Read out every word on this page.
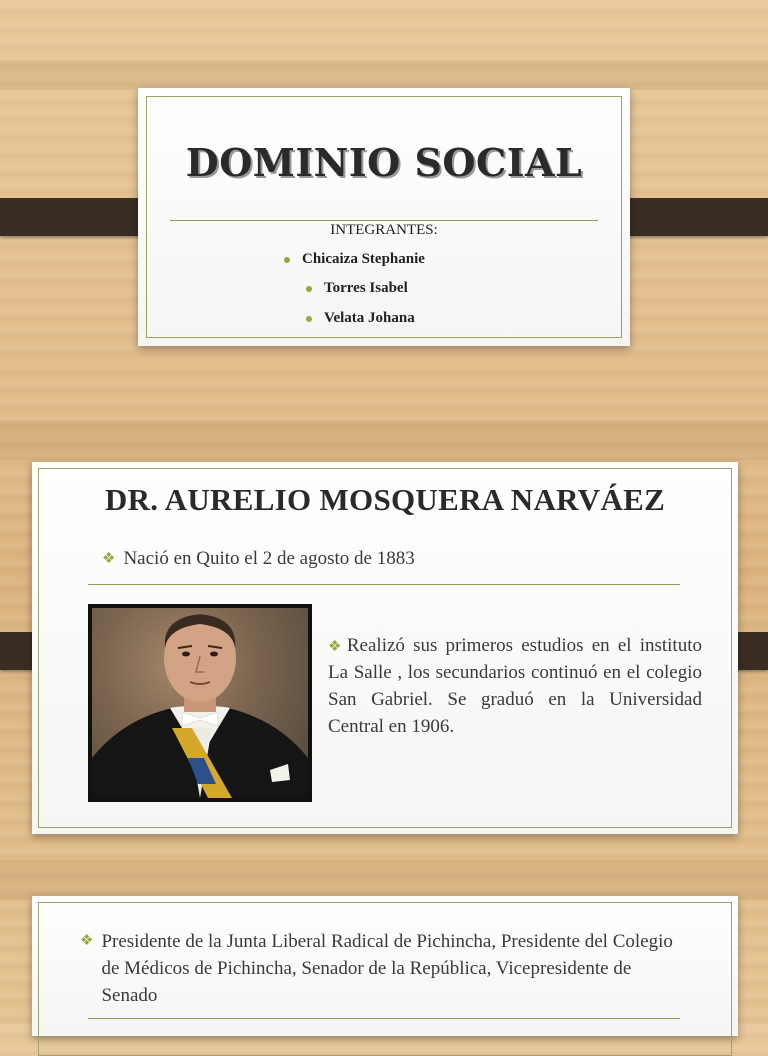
DOMINIO SOCIAL
INTEGRANTES:
Chicaiza Stephanie
Torres Isabel
Velata Johana
DR. AURELIO MOSQUERA NARVÁEZ
❖ Nació en Quito el 2 de agosto de 1883

❖ Realizó sus primeros estudios en el instituto La Salle , los secundarios continuó en el colegio San Gabriel. Se graduó en la Universidad Central en 1906.

❖ Presidente de la Junta Liberal Radical de Pichincha, Presidente del Colegio de Médicos de Pichincha, Senador de la República, Vicepresidente de Senado
